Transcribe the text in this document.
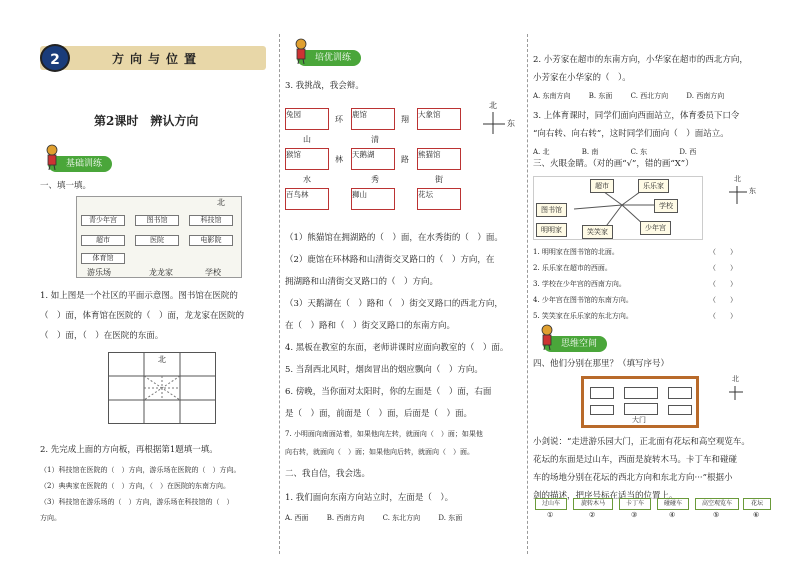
2	方向与位置
第2课时　辨认方向
基础训练
一、填一填。
北
青少年宫	图书馆	科技馆
超市	医院	电影院
体育馆
游乐场	龙龙家	学校
1. 如上图是一个社区的平面示意图。图书馆在医院的
（　）面，体育馆在医院的（　）面，龙龙家在医院的
（　）面，（　）在医院的东面。
北
2. 先完成上面的方向板，再根据第1题填一填。
（1）科技馆在医院的（　）方向，游乐场在医院的（　）方向。
（2）典典家在医院的（　）方向，（　）在医院的东南方向。
（3）科技馆在游乐场的（　）方向，游乐场在科技馆的（　）
方向。
培优训练
3. 我挑战，我会辩。
兔园	鹿馆	大象馆
猴馆	天鹅湖	熊猫馆
百鸟林	狮山	花坛
环	翔
山	清
林	路
水	秀	街
北
东
（1）熊猫馆在拥湖路的（　）面，在水秀街的（　）面。
（2）鹿馆在环林路和山清街交叉路口的（　）方向，在
拥湖路和山清街交叉路口的（　）方向。
（3）天鹅湖在（　）路和（　）街交叉路口的西北方向，
在（　）路和（　）街交叉路口的东南方向。
4. 黑板在教室的东面，老师讲课时应面向教室的（　）面。
5. 当刮西北风时，烟囱冒出的烟应飘向（　）方向。
6. 傍晚，当你面对太阳时，你的左面是（　）面，右面
是（　）面，前面是（　）面，后面是（　）面。
7. 小明面向南面站着，如果他向左转，就面向（　）面；如果他
向右转，就面向（　）面；如果他向后转，就面向（　）面。
二、我自信，我会选。
1. 我们面向东南方向站立时，左面是（　）。
A. 西面	B. 西南方向	C. 东北方向	D. 东面
2. 小芳家在超市的东南方向，小华家在超市的西北方向，
小芳家在小华家的（　）。
A. 东南方向	B. 东面	C. 西北方向	D. 西南方向
3. 上体育课时，同学们面向西面站立，体育委员下口令
“向右转、向右转”，这时同学们面向（　）面站立。
A. 北	B. 南	C. 东	D. 西
三、火眼金睛。（对的画“√”，错的画“X”）
超市	乐乐家
图书馆
明明家
学校
少年宫
笑笑家
北
东
1. 明明家在图书馆的北面。
2. 乐乐家在超市的西面。
3. 学校在少年宫的西南方向。
4. 少年宫在图书馆的东南方向。
5. 笑笑家在乐乐家的东北方向。
（　　）
（　　）
（　　）
（　　）
（　　）
思维空间
四、他们分别在那里？（填写序号）
大门
北
小剑说：“走进游乐园大门，正北面有花坛和高空观览车。
花坛的东面是过山车，西面是旋转木马。卡丁车和碰碰
车的场地分别在花坛的西北方向和东北方向···”根据小
剑的描述，把序号标在适当的位置上。
过山车	旋转木马	卡丁车	碰碰车	高空观览车	花坛
①	②	③	④	⑤	⑥
